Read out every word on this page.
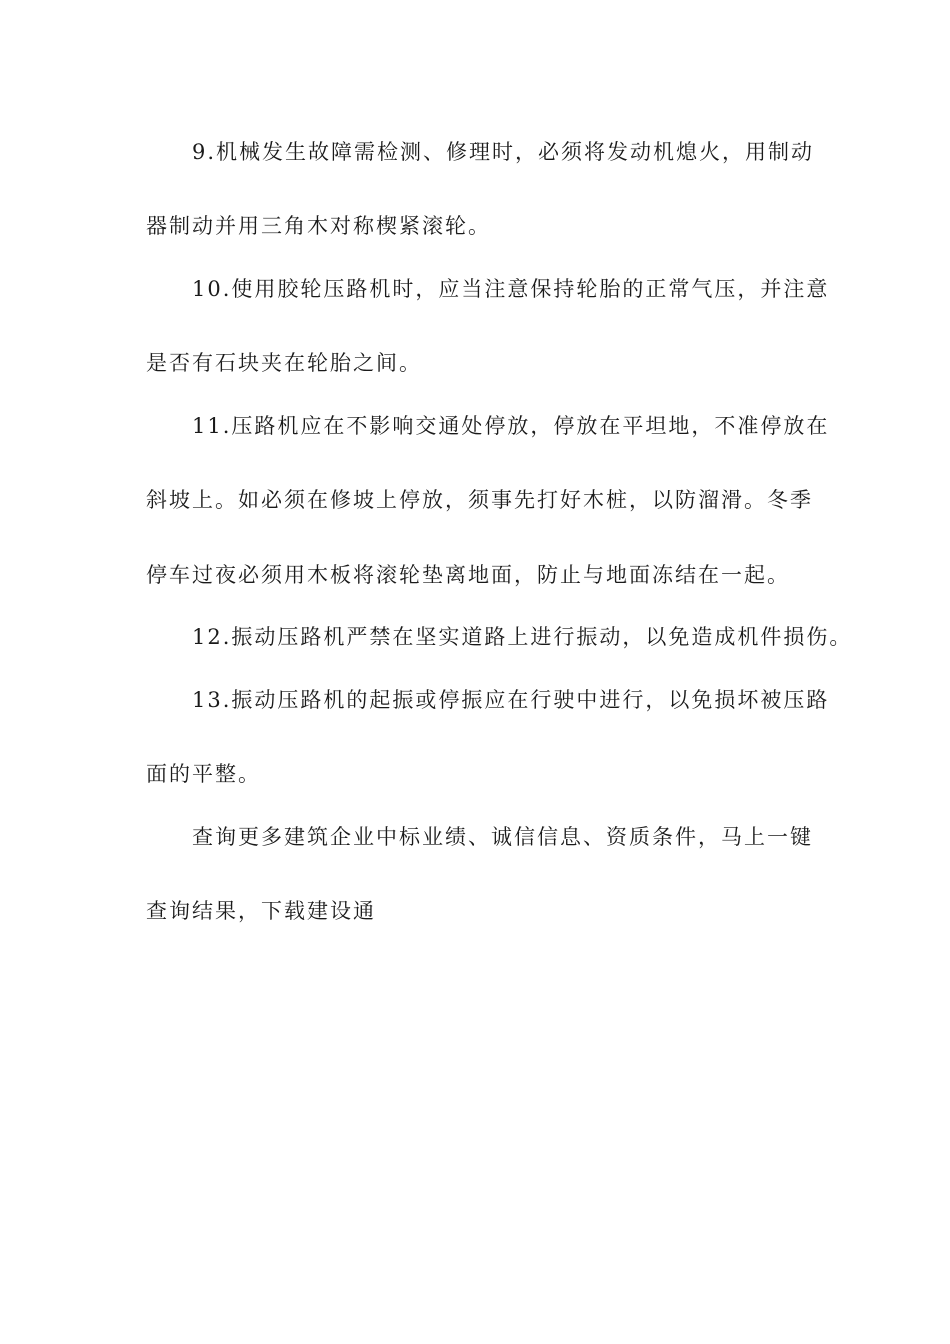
9.机械发生故障需检测、修理时，必须将发动机熄火，用制动
器制动并用三角木对称楔紧滚轮。
10.使用胶轮压路机时，应当注意保持轮胎的正常气压，并注意
是否有石块夹在轮胎之间。
11.压路机应在不影响交通处停放，停放在平坦地，不准停放在
斜坡上。如必须在修坡上停放，须事先打好木桩，以防溜滑。冬季
停车过夜必须用木板将滚轮垫离地面，防止与地面冻结在一起。
12.振动压路机严禁在坚实道路上进行振动，以免造成机件损伤。
13.振动压路机的起振或停振应在行驶中进行，以免损坏被压路
面的平整。
查询更多建筑企业中标业绩、诚信信息、资质条件，马上一键
查询结果，下载建设通
